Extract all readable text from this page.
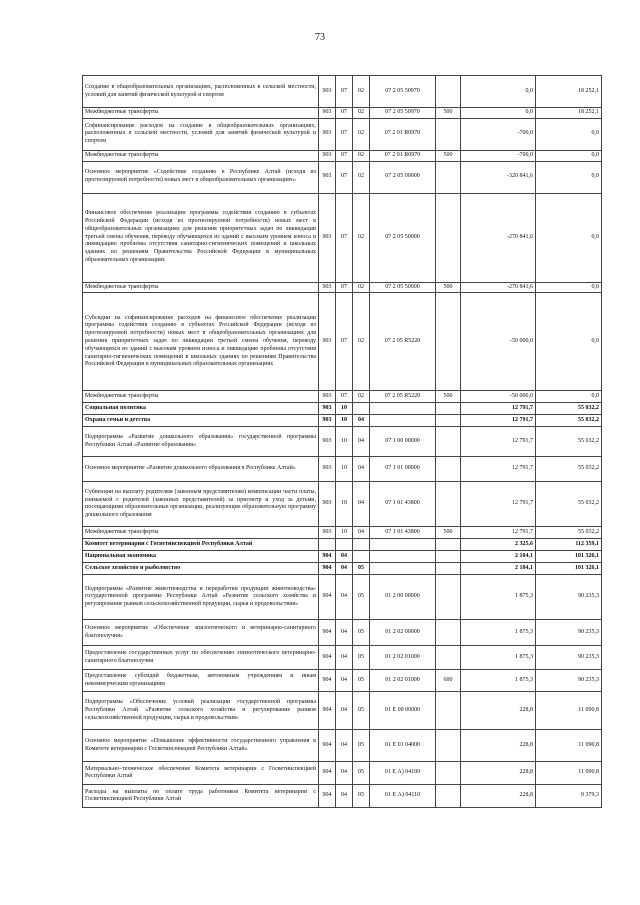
73
Создание в общеобразовательных организациях, расположенных в сельской местности, условий для занятий физической культурой и спортом	903	07	02	07 2 05 50970		0,0	18 252,1
Межбюджетные трансферты	903	07	02	07 2 05 50970	500	0,0	18 252,1
Софинансирование расходов на создание в общеобразовательных организациях, расположенных в сельской местности, условий для занятий физической культурой и спортом	903	07	02	07 2 01 R0970		-700,0	0,0
Межбюджетные трансферты	903	07	02	07 2 01 R0970	500	-700,0	0,0
Основное мероприятие «Содействие созданию в Республике Алтай (исходя из прогнозируемой потребности) новых мест в общеобразовательных организациях»	903	07	02	07 2 05 00000		-320 841,6	0,0
Финансовое обеспечение реализации программы содействия созданию в субъектах Российской Федерации (исходя из прогнозируемой потребности) новых мест в общеобразовательных организациях для решения приоритетных задач по ликвидации третьей смены обучения, переводу обучающихся из зданий с высоким уровнем износа и ликвидацию проблемы отсутствия санитарно-гигиенических помещений в школьных зданиях по решениям Правительства Российской Федерации в муниципальных образовательных организациях	903	07	02	07 2 05 50000		-270 841,6	0,0
Межбюджетные трансферты	903	07	02	07 2 05 50000	500	-270 841,6	0,0
Субсидии на софинансирование расходов на финансовое обеспечение реализации программы содействия созданию в субъектах Российской Федерации (исходя из прогнозируемой потребности) новых мест в общеобразовательных организациях для решения приоритетных задач по ликвидации третьей смены обучения, переводу обучающихся из зданий с высоким уровнем износа и ликвидацию проблемы отсутствия санитарно-гигиенических помещений в школьных зданиях по решениям Правительства Российской Федерации в муниципальных образовательных организациях	903	07	02	07 2 05 R5220		-50 000,0	0,0
Межбюджетные трансферты	903	07	02	07 2 05 R5220	500	-50 000,0	0,0
Социальная политика	903	10				12 791,7	55 032,2
Охрана семьи и детства	903	10	04			12 791,7	55 032,2
Подпрограмма «Развитие дошкольного образования» государственной программы Республики Алтай «Развитие образования»	903	10	04	07 1 00 00000		12 791,7	55 032,2
Основное мероприятие «Развитие дошкольного образования в Республике Алтай»	903	10	04	07 1 01 00000		12 791,7	55 032,2
Субвенции на выплату родителям (законным представителям) компенсации части платы, взимаемой с родителей (законных представителей) за присмотр и уход за детьми, посещающими образовательные организации, реализующие образовательную программу дошкольного образования	903	10	04	07 1 01 43800		12 791,7	55 032,2
Межбюджетные трансферты	903	10	04	07 1 01 43800	500	12 791,7	55 032,2
Комитет ветеринарии с Госветинспекцией Республики Алтай						2 325,6	112 359,1
Национальная экономика	904	04				2 104,1	101 326,1
Сельское хозяйство и рыболовство	904	04	05			2 104,1	101 326,1
Подпрограмма «Развитие животноводства и переработки продукции животноводства» государственной программы Республики Алтай «Развитие сельского хозяйства и регулирование рынков сельскохозяйственной продукции, сырья и продовольствия»	904	04	05	01 2 00 00000		1 875,3	90 235,3
Основное мероприятие «Обеспечение эпизоотического и ветеринарно-санитарного благополучия»	904	04	05	01 2 02 00000		1 875,3	90 235,3
Предоставление государственных услуг по обеспечению эпизоотического ветеринарно-санитарного благополучия	904	04	05	01 2 02 01000		1 875,3	90 235,3
Предоставление субсидий бюджетным, автономным учреждениям и иным некоммерческим организациям	904	04	05	01 2 02 01000	600	1 875,3	90 235,3
Подпрограмма «Обеспечение условий реализации государственной программы Республики Алтай «Развитие сельского хозяйства и регулирование рынков сельскохозяйственной продукции, сырья и продовольствия»	904	04	05	01 Е 00 00000		228,8	11 090,8
Основное мероприятие «Повышение эффективности государственного управления в Комитете ветеринарии с Госветинспекцией Республики Алтай»	904	04	05	01 Е 01 04000		228,8	11 090,8
Материально–техническое обеспечение Комитета ветеринарии с Госветинспекцией Республики Алтай	904	04	05	01 Е А) 04100		228,8	11 090,8
Расходы на выплаты по оплате труда работников Комитета ветеринарии с Госветинспекцией Республики Алтай	904	04	05	01 Е А) 04110		228,8	9 379,3
